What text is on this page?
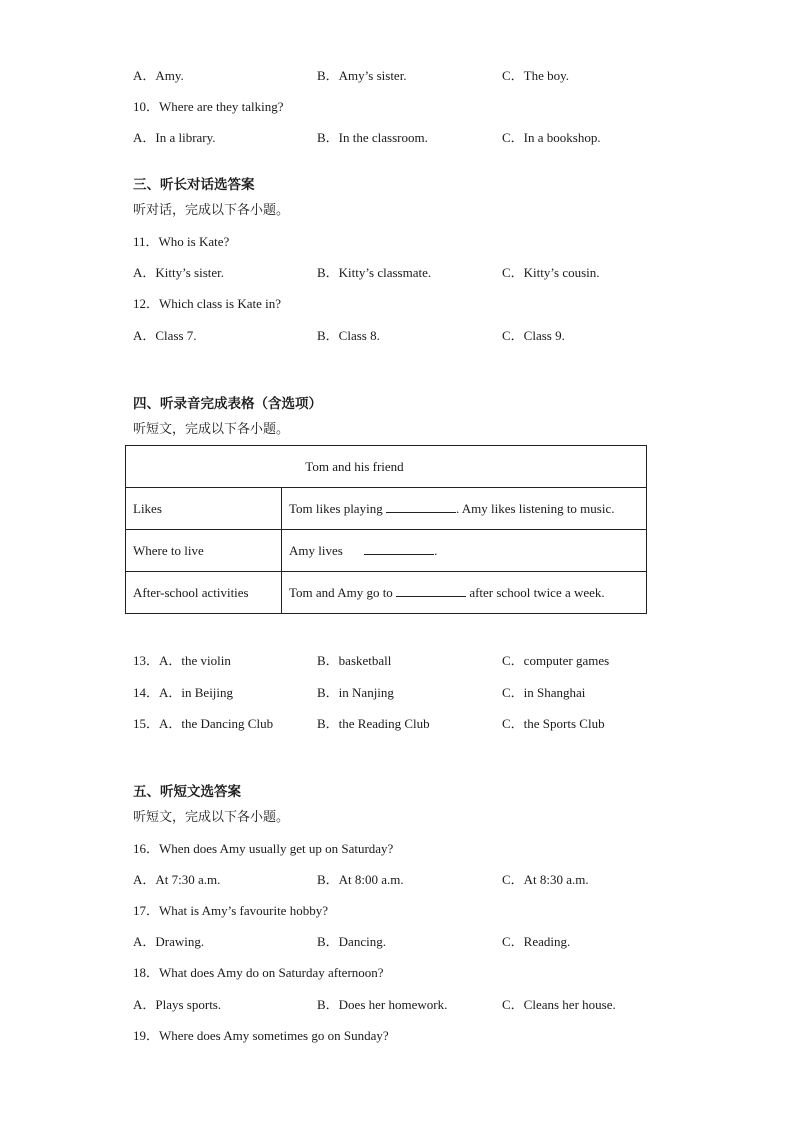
A．Amy.	B．Amy’s sister.	C．The boy.
10．Where are they talking?
A．In a library.	B．In the classroom.	C．In a bookshop.
三、听长对话选答案
听对话，完成以下各小题。
11．Who is Kate?
A．Kitty’s sister.	B．Kitty’s classmate.	C．Kitty’s cousin.
12．Which class is Kate in?
A．Class 7.	B．Class 8.	C．Class 9.
四、听录音完成表格（含选项）
听短文，完成以下各小题。
Tom and his friend	
Likes	Tom likes playing . Amy likes listening to music.
Where to live	Amy lives .
After-school activities	Tom and Amy go to after school twice a week.
13．A．the violin	B．basketball	C．computer games
14．A．in Beijing	B．in Nanjing	C．in Shanghai
15．A．the Dancing Club	B．the Reading Club	C．the Sports Club
五、听短文选答案
听短文，完成以下各小题。
16．When does Amy usually get up on Saturday?
A．At 7:30 a.m.	B．At 8:00 a.m.	C．At 8:30 a.m.
17．What is Amy’s favourite hobby?
A．Drawing.	B．Dancing.	C．Reading.
18．What does Amy do on Saturday afternoon?
A．Plays sports.	B．Does her homework.	C．Cleans her house.
19．Where does Amy sometimes go on Sunday?
